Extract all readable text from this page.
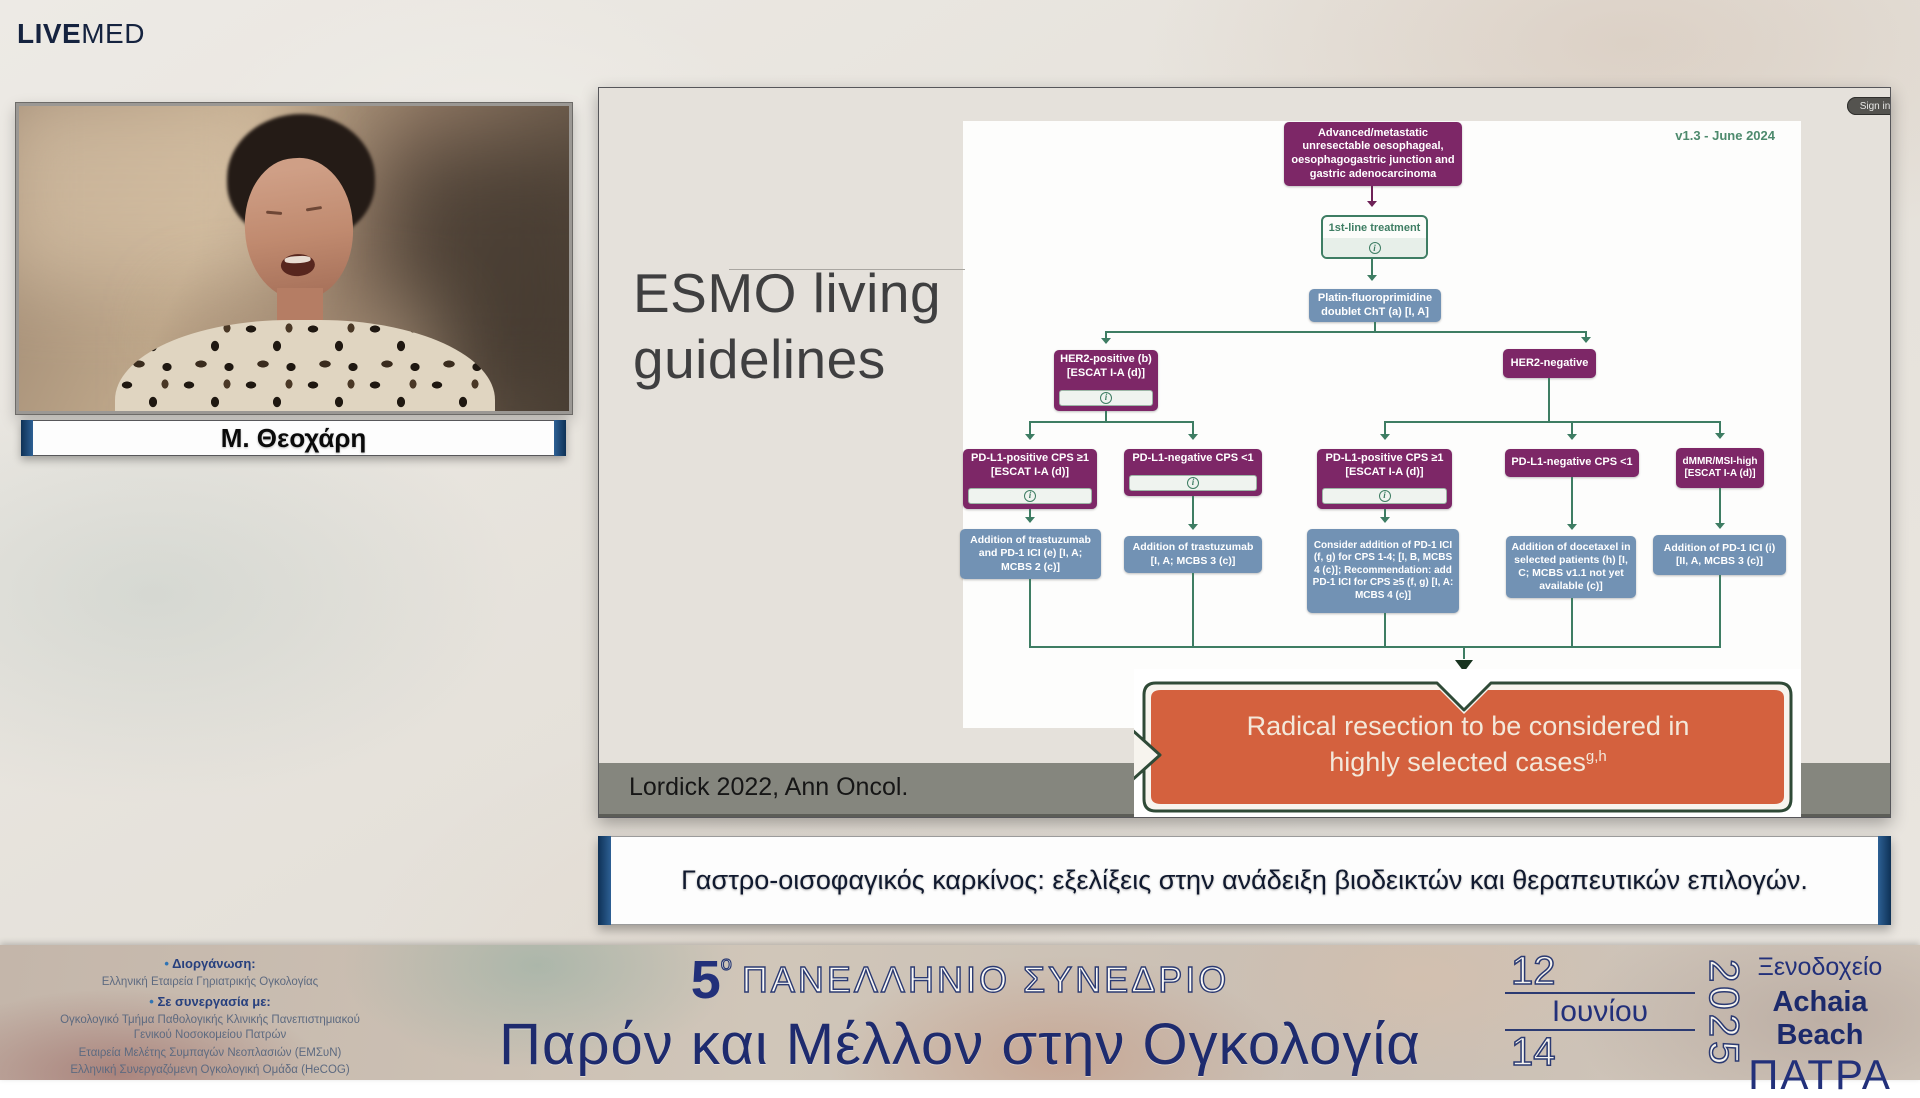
LIVEMED
Μ. Θεοχάρη
Sign in
ESMO living guidelines
v1.3 - June 2024
Advanced/metastatic unresectable oesophageal, oesophagogastric junction and gastric adenocarcinoma
1st-line treatment
i
Platin-fluoroprimidine doublet ChT (a) [I, A]
HER2-positive (b) [ESCAT I-A (d)]
i
HER2-negative
PD-L1-positive CPS ≥1 [ESCAT I-A (d)]
i
PD-L1-negative CPS <1
i	PD-L1-positive CPS ≥1 [ESCAT I-A (d)]
i
PD-L1-negative CPS <1	dMMR/MSI-high [ESCAT I-A (d)]
Addition of trastuzumab and PD-1 ICI (e) [I, A; MCBS 2 (c)]
Addition of trastuzumab [I, A; MCBS 3 (c)]
Consider addition of PD-1 ICI (f, g) for CPS 1-4; [I, B, MCBS 4 (c)]; Recommendation: add PD-1 ICI for CPS ≥5 (f, g) [I, A: MCBS 4 (c)]
Addition of docetaxel in selected patients (h) [I, C; MCBS v1.1 not yet available (c)]
Addition of PD-1 ICI (i) [II, A, MCBS 3 (c)]
Lordick 2022, Ann Oncol.
Radical resection to be considered in highly selected cases$^{g,h}$
Γαστρο-οισοφαγικός καρκίνος: εξελίξεις στην ανάδειξη βιοδεικτών και θεραπευτικών επιλογών.
• Διοργάνωση:
Ελληνική Εταιρεία Γηριατρικής Ογκολογίας
• Σε συνεργασία με:
Ογκολογικό Τμήμα Παθολογικής Κλινικής Πανεπιστημιακού Γενικού Νοσοκομείου Πατρών
Εταιρεία Μελέτης Συμπαγών Νεοπλασιών (ΕΜΣυΝ)
Ελληνική Συνεργαζόμενη Ογκολογική Ομάδα (HeCOG)
5ο ΠΑΝΕΛΛΗΝΙΟ ΣΥΝΕΔΡΙΟ
Παρόν και Μέλλον στην Ογκολογία
12
Ιουνίου
14	2025 Ξενοδοχείο
Achaia Beach
ΠΑΤΡΑ
